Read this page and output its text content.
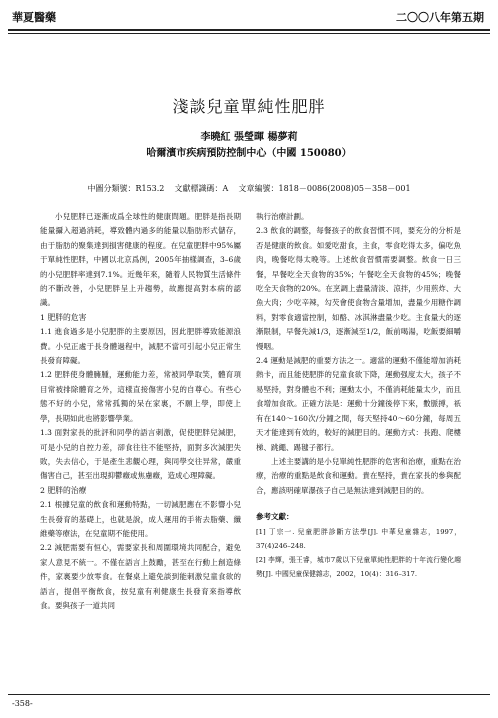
華夏醫藥	二〇〇八年第五期
淺談兒童單純性肥胖
李曉紅 張瑩暉 楊夢莉
哈爾濱市疾病預防控制中心（中國 150080）
中圖分類號：R153.2    文獻標識碼：A    文章編號：1818－0086(2008)05－358－001

小兒肥胖已逐漸成爲全球性的健康問題。肥胖是指長期能量攝入超過消耗，導致體内過多的能量以脂肪形式儲存，由于脂肪的聚集達到損害健康的程度。在兒童肥胖中95%屬于單純性肥胖，中國以北京爲例，2005年抽樣調查，3–6歲的小兒肥胖率達到7.1%。近幾年來，隨着人民物質生活條件的不斷改善，小兒肥胖呈上升趨勢，故應提高對本病的認識。

1 肥胖的危害

1.1 進食過多是小兒肥胖的主要原因，因此肥胖導致能源浪費。小兒正處于長身體過程中，減肥不當可引起小兒正常生長發育障礙。

1.2 肥胖使身體臃腫，運動能力差，常被同學取笑，體育項目常被排除體育之外，這樣直接傷害小兒的自尊心。有些心態不好的小兒，常常孤獨的呆在家裏，不願上學，即使上學，長期如此也將影響學業。

1.3 面對家長的批評和同學的語言刺激，促使肥胖兒減肥，可是小兒的自控力差，卻食往往不能堅持，面對多次減肥失敗，失去信心，于是產生悲觀心理，與同學交往异常，嚴重傷害自己，甚至出現抑鬱癥或焦慮癥，造成心理障礙。

2 肥胖的治療

2.1 根據兒童的飲食和運動特點，一切減肥應在不影響小兒生長發育的基礎上，也就是說，成人運用的手術去脂藥、纖維藥等療法，在兒童期不能使用。

2.2 減肥需要有恒心，需要家長和周圍環境共同配合，避免家人意見不統一。不僅在語言上鼓勵，甚至在行動上創造條件，家裏要少放零食。在餐桌上避免談到能刺激兒童食欲的語言，提倡平衡飲食，按兒童有利健康生長發育來指導飲食。要與孩子一道共同

執行治療計劃。

2.3 飲食的調整，每餐孩子的飲食習慣不同，要充分的分析是否是健康的飲食。如愛吃甜食，主食，零食吃得太多，偏吃魚肉，晚餐吃得太晚等。上述飲食習慣需要調整。飲食一日三餐，早餐吃全天食物的35%；午餐吃全天食物的45%；晚餐吃全天食物的20%。在烹調上盡量清淡、涼拌，少用煎炸、大魚大肉；少吃辛辣，勾芡會使食物含量增加，盡量少用糖作調料，對零食適當控制，如酪、冰淇淋盡量少吃。主食量大的逐漸限制，早餐先減1/3，逐漸減至1/2，飯前喝湯，吃飯要細嚼慢咽。

2.4 運動是減肥的重要方法之一。適當的運動不僅能增加消耗熱卡，而且能使肥胖的兒童食欲下降，運動强度太大，孩子不易堅持，對身體也不利；運動太小，不僅消耗能量太少，而且食增加食欲。正確方法是：運動十分鐘後停下來，數脈搏，祇有在140～160次/分鐘之間，每天堅持40～60分鐘，每周五天才能達到有效的，較好的減肥目的。運動方式：長跑、爬樓梯、跳繩、踢毽子都行。

上述主要講的是小兒單純性肥胖的危害和治療，重點在治療，治療的重點是飲食和運動。貴在堅持，貴在家長的參與配合，應該明確單瀑孩子自己是無法達到減肥目的的。

參考文獻：

[1] 丁宗一. 兒童肥胖診斷方法學[J]. 中華兒童雜志，1997，37(4)246–248.

[2] 李輝，張王睿，城市7歲以下兒童單純性肥胖的十年流行變化趨勢[J]. 中國兒童保健雜志，2002，10(4)：316–317.

-358-
